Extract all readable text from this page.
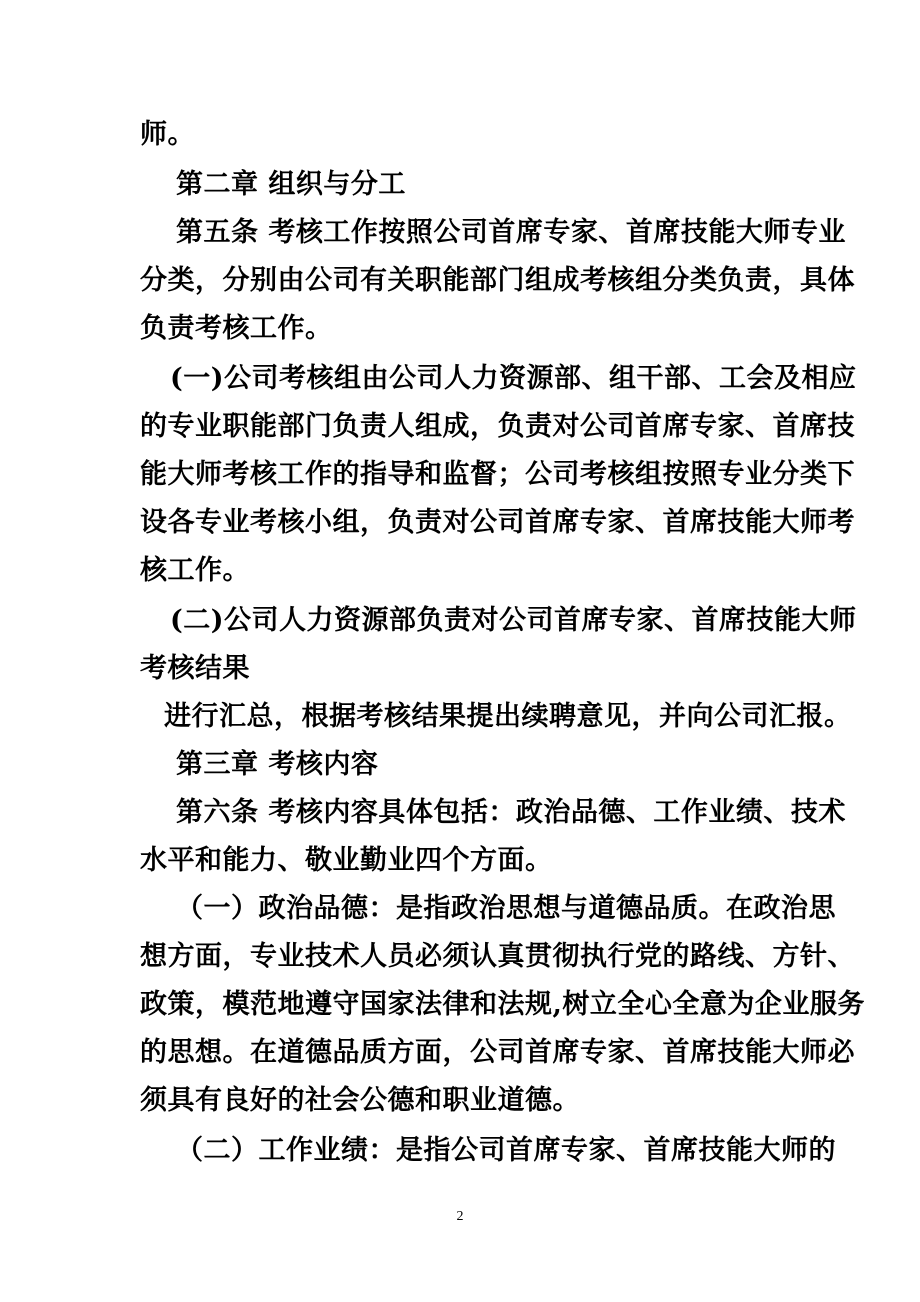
师。
第二章 组织与分工
第五条 考核工作按照公司首席专家、首席技能大师专业
分类，分别由公司有关职能部门组成考核组分类负责，具体
负责考核工作。
(一)公司考核组由公司人力资源部、组干部、工会及相应
的专业职能部门负责人组成，负责对公司首席专家、首席技
能大师考核工作的指导和监督；公司考核组按照专业分类下
设各专业考核小组，负责对公司首席专家、首席技能大师考
核工作。
(二)公司人力资源部负责对公司首席专家、首席技能大师
考核结果
进行汇总，根据考核结果提出续聘意见，并向公司汇报。
第三章 考核内容
第六条 考核内容具体包括：政治品德、工作业绩、技术
水平和能力、敬业勤业四个方面。
（一）政治品德：是指政治思想与道德品质。在政治思
想方面，专业技术人员必须认真贯彻执行党的路线、方针、
政策，模范地遵守国家法律和法规,树立全心全意为企业服务
的思想。在道德品质方面，公司首席专家、首席技能大师必
须具有良好的社会公德和职业道德。
（二）工作业绩：是指公司首席专家、首席技能大师的
2
